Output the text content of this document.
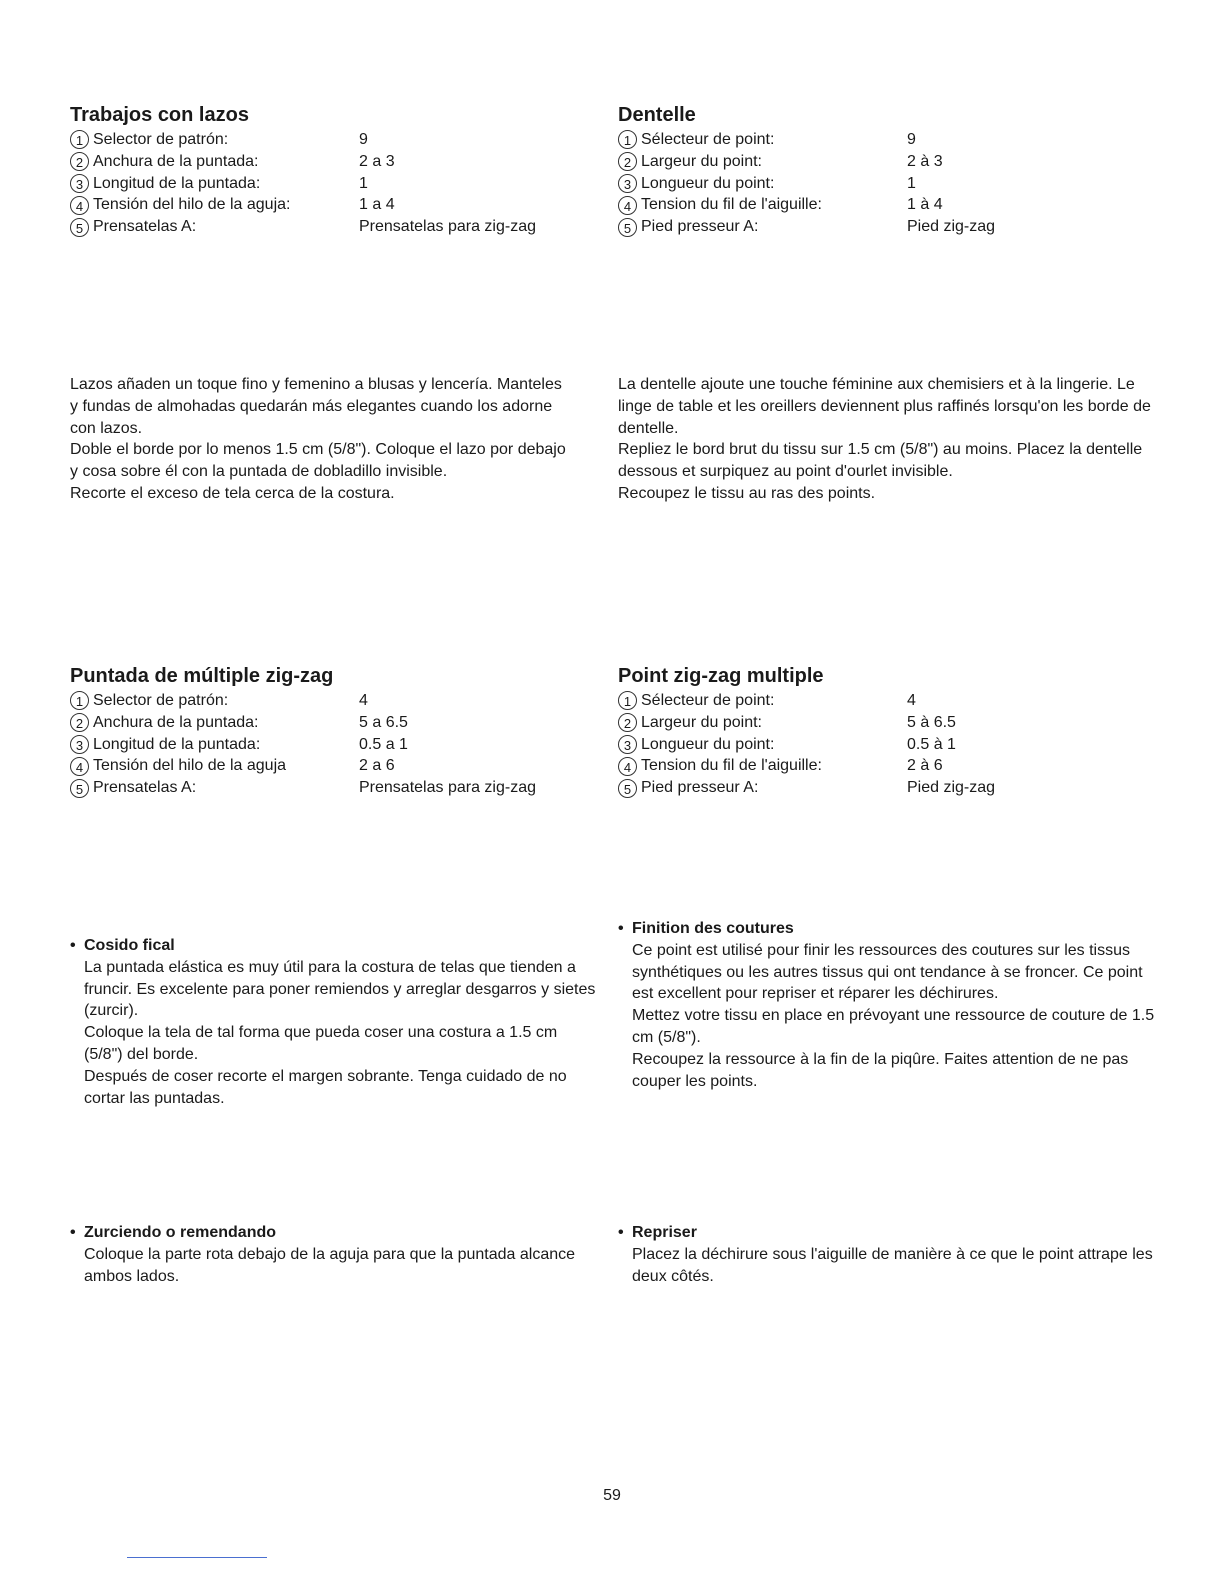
Trabajos con lazos
1 Selector de patrón:	9
2 Anchura de la puntada:	2 a 3
3 Longitud de la puntada:	1
4 Tensión del hilo de la aguja:	1 a 4
5 Prensatelas A:	Prensatelas para zig-zag

Lazos añaden un toque fino y femenino a blusas y lencería. Manteles y fundas de almohadas quedarán más elegantes cuando los adorne con lazos.

Doble el borde por lo menos 1.5 cm (5/8"). Coloque el lazo por debajo y cosa sobre él con la puntada de dobladillo invisible.

Recorte el exceso de tela cerca de la costura.

Dentelle
1 Sélecteur de point:	9
2 Largeur du point:	2 à 3
3 Longueur du point:	1
4 Tension du fil de l'aiguille:	1 à 4
5 Pied presseur A:	Pied zig-zag

La dentelle ajoute une touche féminine aux chemisiers et à la lingerie. Le linge de table et les oreillers deviennent plus raffinés lorsqu'on les borde de dentelle.

Repliez le bord brut du tissu sur 1.5 cm (5/8") au moins. Placez la dentelle dessous et surpiquez au point d'ourlet invisible.

Recoupez le tissu au ras des points.

Puntada de múltiple zig-zag
1 Selector de patrón:	4
2 Anchura de la puntada:	5 a 6.5
3 Longitud de la puntada:	0.5 a 1
4 Tensión del hilo de la aguja	2 a 6
5 Prensatelas A:	Prensatelas para zig-zag
Point zig-zag multiple
1 Sélecteur de point:	4
2 Largeur du point:	5 à 6.5
3 Longueur du point:	0.5 à 1
4 Tension du fil de l'aiguille:	2 à 6
5 Pied presseur A:	Pied zig-zag

• Cosido fical

La puntada elástica es muy útil para la costura de telas que tienden a fruncir. Es excelente para poner remiendos y arreglar desgarros y sietes (zurcir).

Coloque la tela de tal forma que pueda coser una costura a 1.5 cm (5/8") del borde.

Después de coser recorte el margen sobrante. Tenga cuidado de no cortar las puntadas.

• Finition des coutures

Ce point est utilisé pour finir les ressources des coutures sur les tissus synthétiques ou les autres tissus qui ont tendance à se froncer. Ce point est excellent pour repriser et réparer les déchirures.

Mettez votre tissu en place en prévoyant une ressource de couture de 1.5 cm (5/8").

Recoupez la ressource à la fin de la piqûre. Faites attention de ne pas couper les points.

• Zurciendo o remendando

Coloque la parte rota debajo de la aguja para que la puntada alcance ambos lados.

• Repriser

Placez la déchirure sous l'aiguille de manière à ce que le point attrape les deux côtés.

59
